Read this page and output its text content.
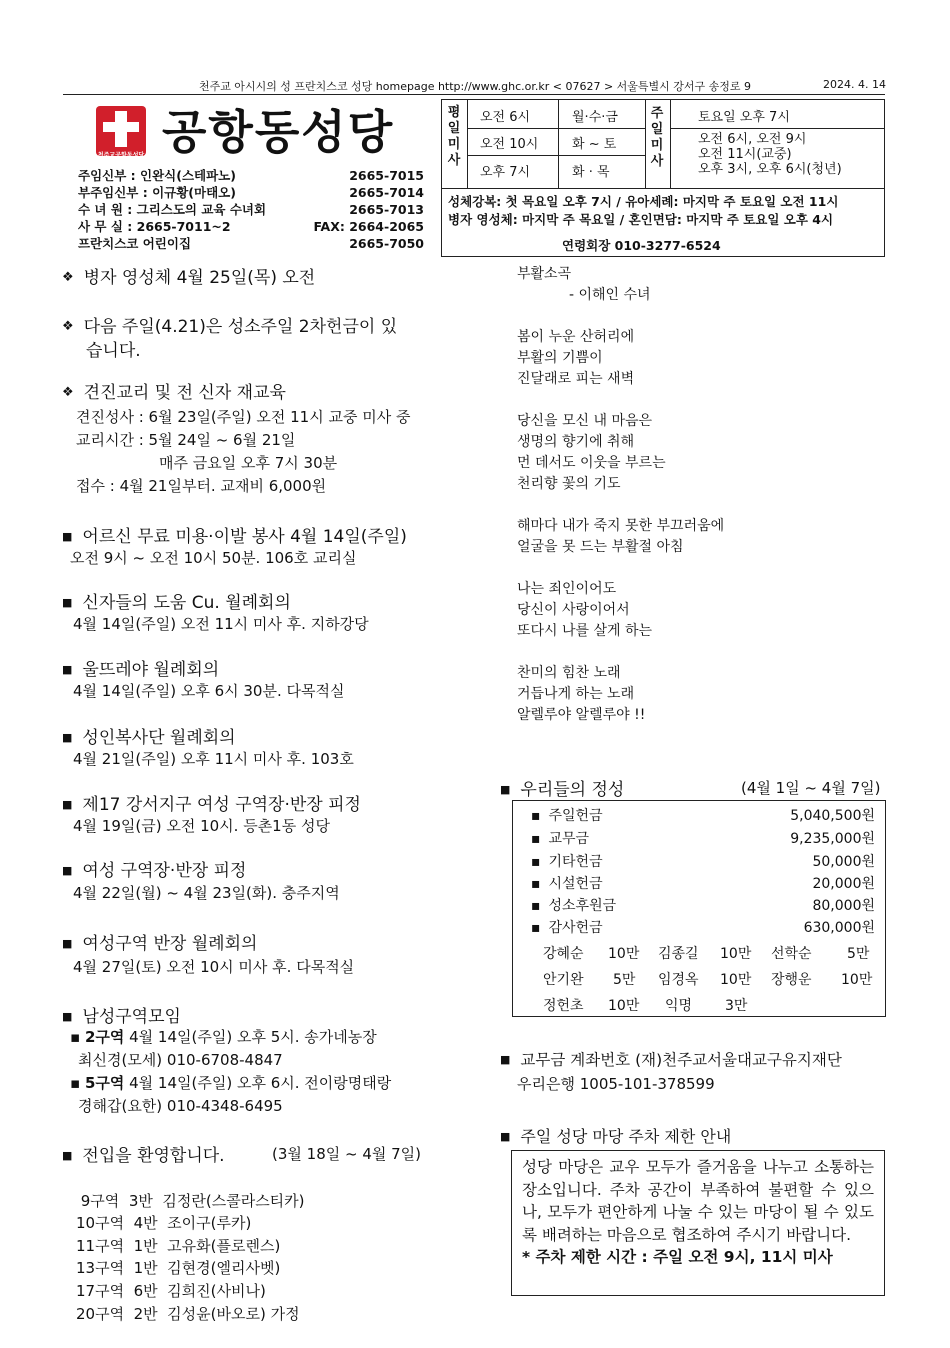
천주교 아시시의 성 프란치스코 성당 homepage http://www.ghc.or.kr < 07627 > 서울특별시 강서구 송정로 9	2024. 4. 14
천주교공항동성당 공항동성당
주임신부 : 인완식(스테파노)	2665-7015
부주임신부 : 이규황(마태오)	2665-7014
수 녀 원 : 그리스도의 교육 수녀회	2665-7013
사 무 실 : 2665-7011~2	FAX: 2664-2065
프란치스코 어린이집	2665-7050
평
일
미
사
오전 6시	월·수·금
오전 10시	화 ~ 토
오후 7시	화 · 목
주
일
미
사
토요일 오후 7시
오전 6시, 오전 9시
오전 11시(교중)
오후 3시, 오후 6시(청년)
성체강복: 첫 목요일 오후 7시 / 유아세례: 마지막 주 토요일 오전 11시
병자 영성체: 마지막 주 목요일 / 혼인면담: 마지막 주 토요일 오후 4시
연령회장 010-3277-6524
❖ 병자 영성체 4월 25일(목) 오전
❖ 다음 주일(4.21)은 성소주일 2차헌금이 있
습니다.
❖ 견진교리 및 전 신자 재교육
견진성사 : 6월 23일(주일) 오전 11시 교중 미사 중
교리시간 : 5월 24일 ~ 6월 21일
매주 금요일 오후 7시 30분
접수 : 4월 21일부터. 교재비 6,000원
■ 어르신 무료 미용·이발 봉사 4월 14일(주일)
오전 9시 ~ 오전 10시 50분. 106호 교리실
■ 신자들의 도움 Cu. 월례회의
4월 14일(주일) 오전 11시 미사 후. 지하강당
■ 울뜨레야 월례회의
4월 14일(주일) 오후 6시 30분. 다목적실
■ 성인복사단 월례회의
4월 21일(주일) 오후 11시 미사 후. 103호
■ 제17 강서지구 여성 구역장·반장 피정
4월 19일(금) 오전 10시. 등촌1동 성당
■ 여성 구역장·반장 피정
4월 22일(월) ~ 4월 23일(화). 충주지역
■ 여성구역 반장 월례회의
4월 27일(토) 오전 10시 미사 후. 다목적실
■ 남성구역모임
▪ 2구역 4월 14일(주일) 오후 5시. 송가네농장
최신경(모세) 010-6708-4847
▪ 5구역 4월 14일(주일) 오후 6시. 전이랑명태랑
경해갑(요한) 010-4348-6495
■ 전입을 환영합니다.	(3월 18일 ~ 4월 7일)

9구역  3반  김정란(스콜라스티카)
10구역  4반  조이구(루카)
11구역  1반  고유화(플로렌스)
13구역  1반  김현경(엘리사벳)
17구역  6반  김희진(사비나)
20구역  2반  김성윤(바오로) 가정

부활소곡
- 이해인 수녀
봄이 누운 산허리에
부활의 기쁨이
진달래로 피는 새벽
당신을 모신 내 마음은
생명의 향기에 취해
먼 데서도 이웃을 부르는
천리향 꽃의 기도
해마다 내가 죽지 못한 부끄러움에
얼굴을 못 드는 부활절 아침
나는 죄인이어도
당신이 사랑이어서
또다시 나를 살게 하는
찬미의 힘찬 노래
거듭나게 하는 노래
알렐루야 알렐루야 !!
■ 우리들의 정성	(4월 1일 ~ 4월 7일)
▪ 주일헌금	5,040,500원
▪ 교무금	9,235,000원
▪ 기타헌금	50,000원
▪ 시설헌금	20,000원
▪ 성소후원금	80,000원
▪ 감사헌금	630,000원
강혜순 10만 김종길 10만 선학순	5만
안기완 5만 임경옥 10만 장행운 10만
정헌초 10만 익명 3만
■ 교무금 계좌번호 (재)천주교서울대교구유지재단
우리은행 1005-101-378599
■ 주일 성당 마당 주차 제한 안내
성당 마당은 교우 모두가 즐거움을 나누고 소통하는 장소입니다. 주차 공간이 부족하여 불편할 수 있으나, 모두가 편안하게 나눌 수 있는 마당이 될 수 있도록 배려하는 마음으로 협조하여 주시기 바랍니다.
* 주차 제한 시간 : 주일 오전 9시, 11시 미사
